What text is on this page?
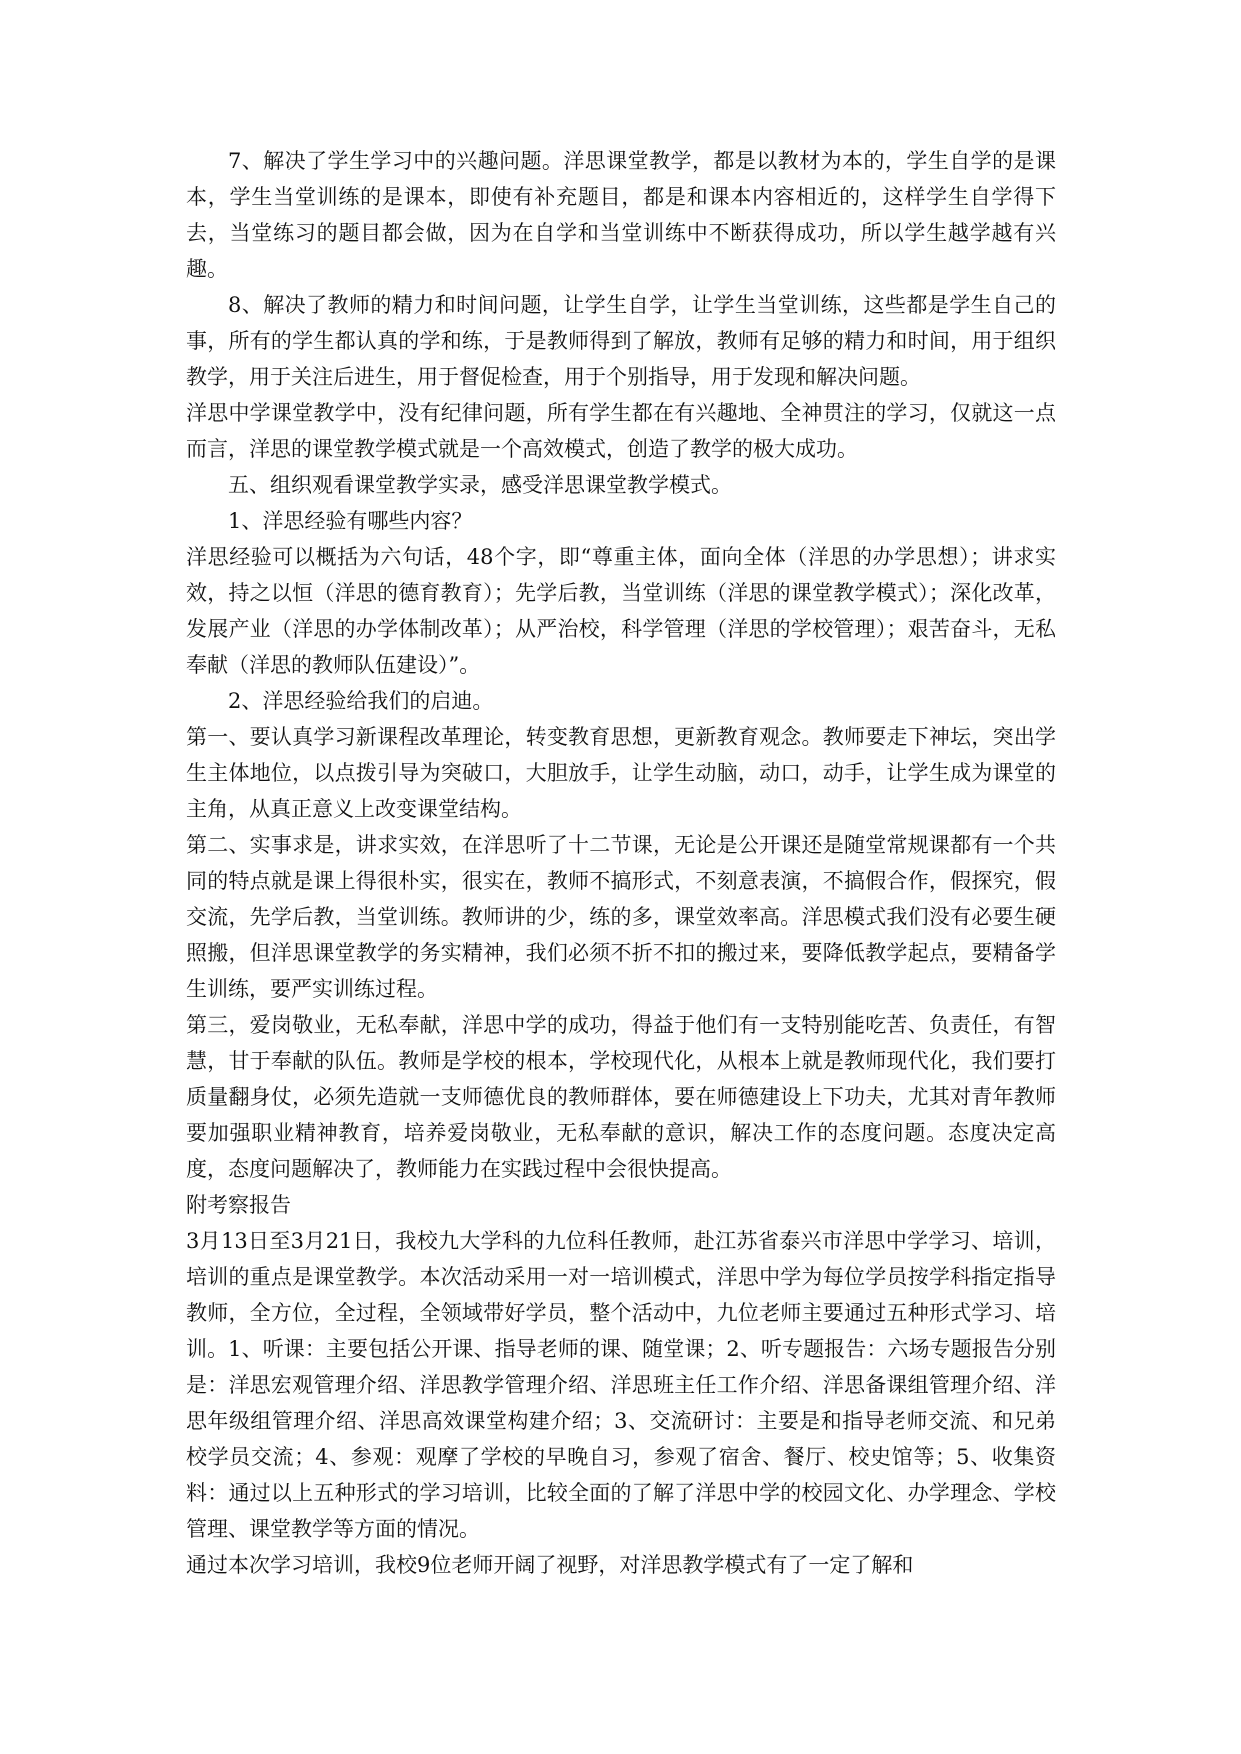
7、解决了学生学习中的兴趣问题。洋思课堂教学，都是以教材为本的，学生自学的是课本，学生当堂训练的是课本，即使有补充题目，都是和课本内容相近的，这样学生自学得下去，当堂练习的题目都会做，因为在自学和当堂训练中不断获得成功，所以学生越学越有兴趣。

8、解决了教师的精力和时间问题，让学生自学，让学生当堂训练，这些都是学生自己的事，所有的学生都认真的学和练，于是教师得到了解放，教师有足够的精力和时间，用于组织教学，用于关注后进生，用于督促检查，用于个别指导，用于发现和解决问题。

洋思中学课堂教学中，没有纪律问题，所有学生都在有兴趣地、全神贯注的学习，仅就这一点而言，洋思的课堂教学模式就是一个高效模式，创造了教学的极大成功。

五、组织观看课堂教学实录，感受洋思课堂教学模式。

1、洋思经验有哪些内容？

洋思经验可以概括为六句话，48个字，即“尊重主体，面向全体（洋思的办学思想）；讲求实效，持之以恒（洋思的德育教育）；先学后教，当堂训练（洋思的课堂教学模式）；深化改革，发展产业（洋思的办学体制改革）；从严治校，科学管理（洋思的学校管理）；艰苦奋斗，无私奉献（洋思的教师队伍建设）”。

2、洋思经验给我们的启迪。

第一、要认真学习新课程改革理论，转变教育思想，更新教育观念。教师要走下神坛，突出学生主体地位，以点拨引导为突破口，大胆放手，让学生动脑，动口，动手，让学生成为课堂的主角，从真正意义上改变课堂结构。

第二、实事求是，讲求实效，在洋思听了十二节课，无论是公开课还是随堂常规课都有一个共同的特点就是课上得很朴实，很实在，教师不搞形式，不刻意表演，不搞假合作，假探究，假交流，先学后教，当堂训练。教师讲的少，练的多，课堂效率高。洋思模式我们没有必要生硬照搬，但洋思课堂教学的务实精神，我们必须不折不扣的搬过来，要降低教学起点，要精备学生训练，要严实训练过程。

第三，爱岗敬业，无私奉献，洋思中学的成功，得益于他们有一支特别能吃苦、负责任，有智慧，甘于奉献的队伍。教师是学校的根本，学校现代化，从根本上就是教师现代化，我们要打质量翻身仗，必须先造就一支师德优良的教师群体，要在师德建设上下功夫，尤其对青年教师要加强职业精神教育，培养爱岗敬业，无私奉献的意识，解决工作的态度问题。态度决定高度，态度问题解决了，教师能力在实践过程中会很快提高。

附考察报告

3月13日至3月21日，我校九大学科的九位科任教师，赴江苏省泰兴市洋思中学学习、培训，培训的重点是课堂教学。本次活动采用一对一培训模式，洋思中学为每位学员按学科指定指导教师，全方位，全过程，全领域带好学员，整个活动中，九位老师主要通过五种形式学习、培训。1、听课：主要包括公开课、指导老师的课、随堂课；2、听专题报告：六场专题报告分别是：洋思宏观管理介绍、洋思教学管理介绍、洋思班主任工作介绍、洋思备课组管理介绍、洋思年级组管理介绍、洋思高效课堂构建介绍；3、交流研讨：主要是和指导老师交流、和兄弟校学员交流；4、参观：观摩了学校的早晚自习，参观了宿舍、餐厅、校史馆等；5、收集资料：通过以上五种形式的学习培训，比较全面的了解了洋思中学的校园文化、办学理念、学校管理、课堂教学等方面的情况。

通过本次学习培训，我校9位老师开阔了视野，对洋思教学模式有了一定了解和
